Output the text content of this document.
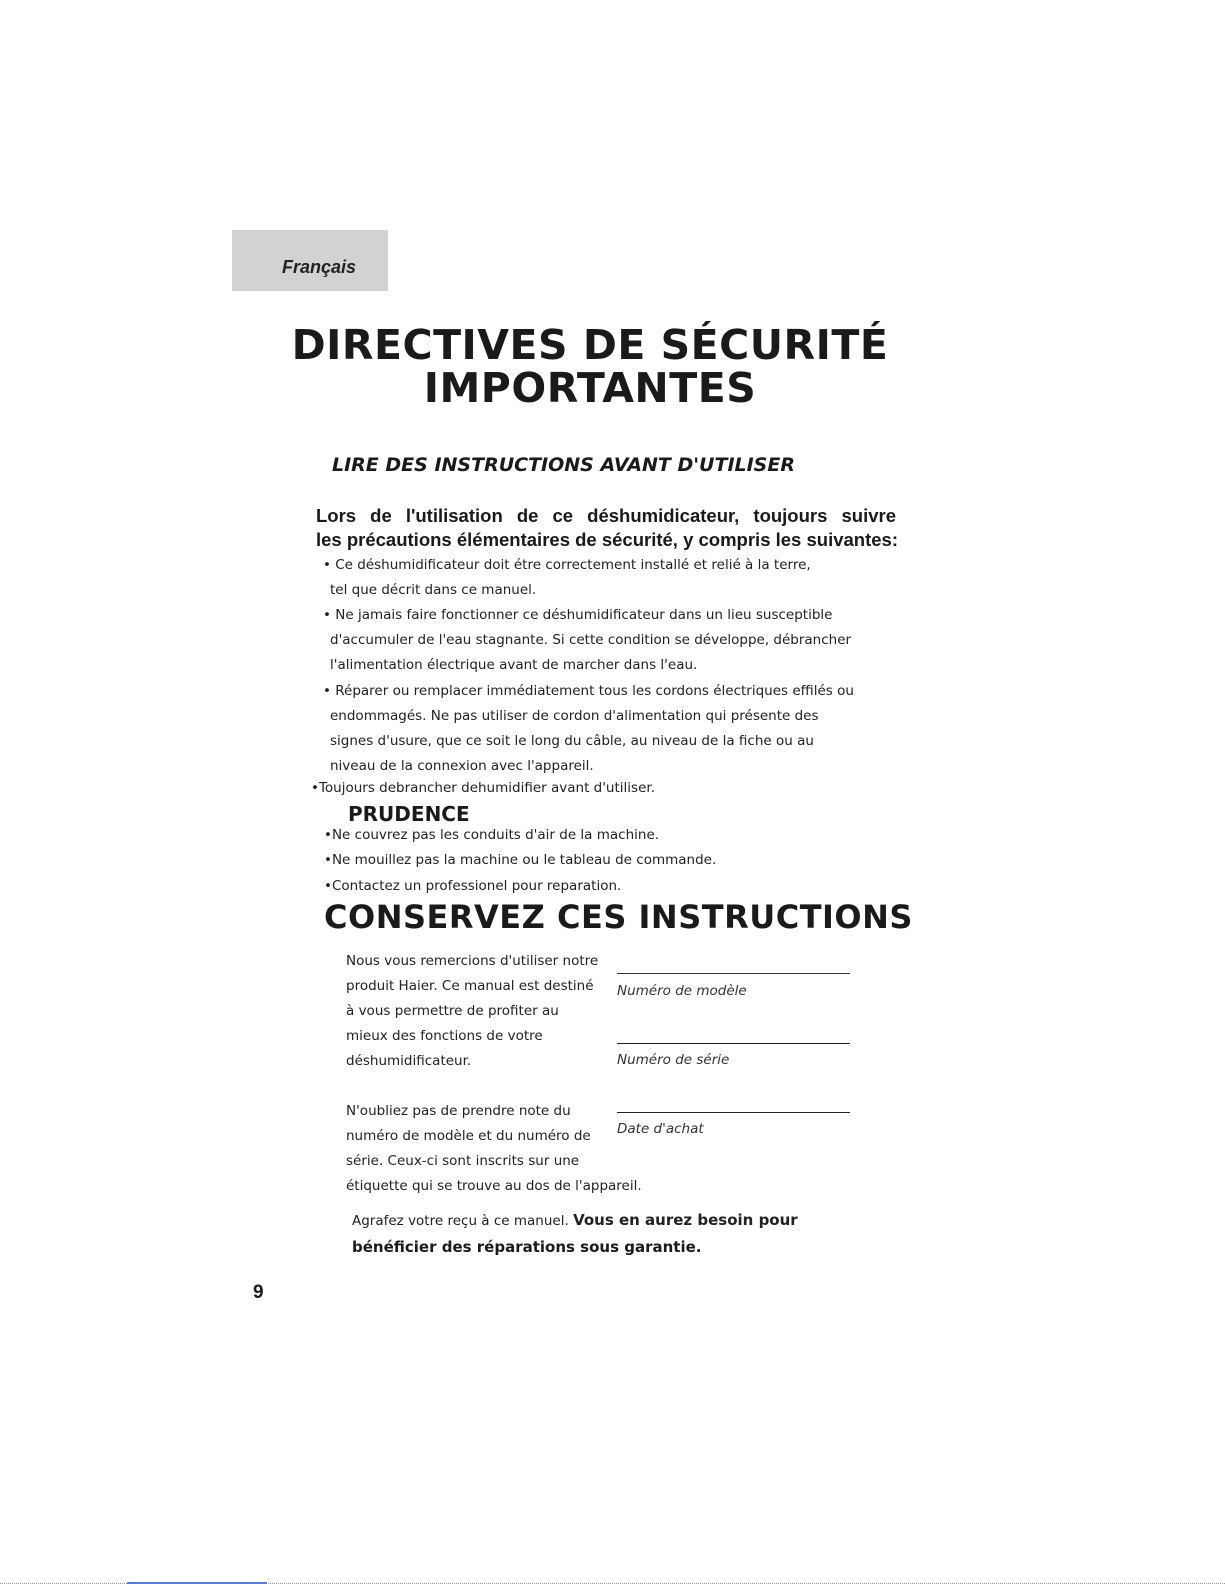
Français
DIRECTIVES DE SÉCURITÉ
IMPORTANTES
LIRE DES INSTRUCTIONS AVANT D'UTILISER
Lors de l'utilisation de ce déshumidicateur, toujours suivre
les précautions élémentaires de sécurité, y compris les suivantes:
• Ce déshumidificateur doit étre correctement installé et relié à la terre,
tel que décrit dans ce manuel.
• Ne jamais faire fonctionner ce déshumidificateur dans un lieu susceptible
d'accumuler de l'eau stagnante. Si cette condition se développe, débrancher
l'alimentation électrique avant de marcher dans l'eau.
• Réparer ou remplacer immédiatement tous les cordons électriques effilés ou
endommagés. Ne pas utiliser de cordon d'alimentation qui présente des
signes d'usure, que ce soit le long du câble, au niveau de la fiche ou au
niveau de la connexion avec l'appareil.
•Toujours debrancher dehumidifier avant d'utiliser.
PRUDENCE
•Ne couvrez pas les conduits d'air de la machine.
•Ne mouillez pas la machine ou le tableau de commande.
•Contactez un professionel pour reparation.
CONSERVEZ CES INSTRUCTIONS
Nous vous remercions d'utiliser notre
produit Haier. Ce manual est destiné
à vous permettre de profiter au
mieux des fonctions de votre
déshumidificateur.
N'oubliez pas de prendre note du
numéro de modèle et du numéro de
série. Ceux-ci sont inscrits sur une
étiquette qui se trouve au dos de l'appareil.
Numéro de modèle
Numéro de série
Date d'achat
Agrafez votre reçu à ce manuel. Vous en aurez besoin pour
bénéficier des réparations sous garantie.
9
